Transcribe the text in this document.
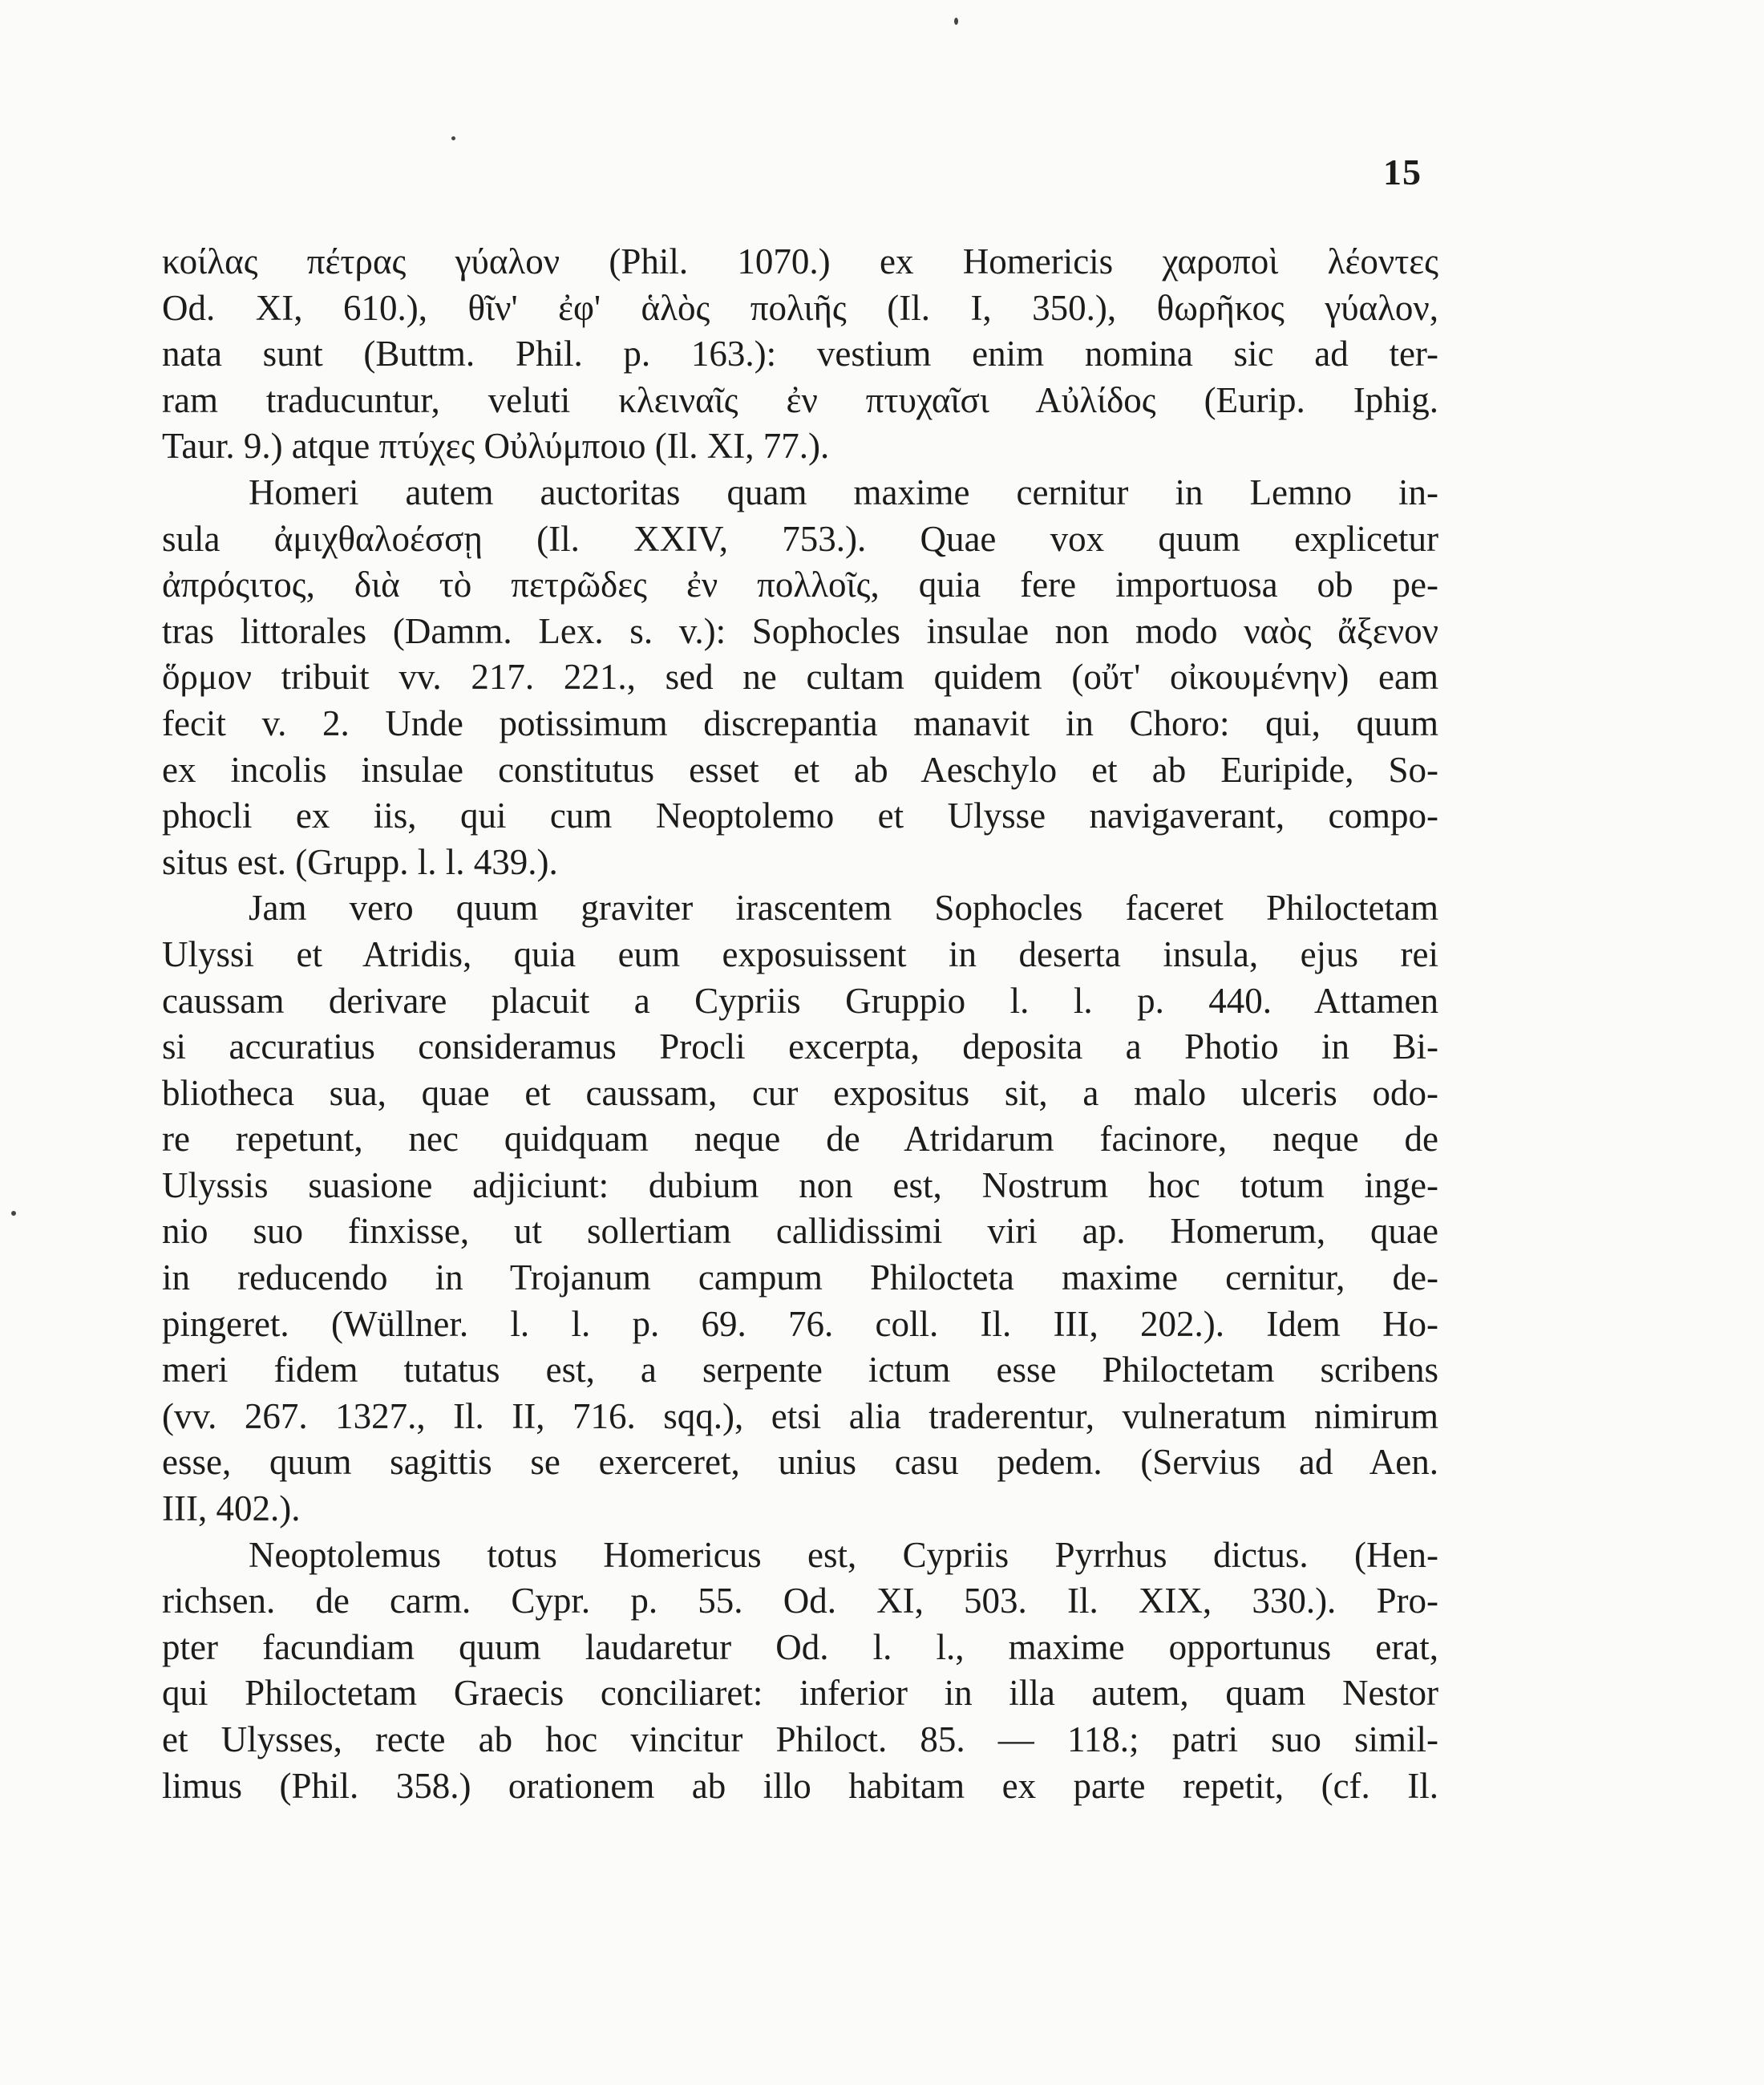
15
κοίλας πέτρας γύαλον (Phil. 1070.) ex Homericis χαροποὶ λέοντες
Od. XI, 610.), θῖν' ἐφ' ἁλὸς πολιῆς (Il. I, 350.), θωρῆκος γύαλον,
nata sunt (Buttm. Phil. p. 163.): vestium enim nomina sic ad ter-
ram traducuntur, veluti κλειναῖς ἐν πτυχαῖσι Αὐλίδος (Eurip. Iphig.
Taur. 9.) atque πτύχες Οὐλύμποιο (Il. XI, 77.).
Homeri autem auctoritas quam maxime cernitur in Lemno in-
sula ἀμιχθαλοέσσῃ (Il. XXIV, 753.). Quae vox quum explicetur
ἀπρόςιτος, διὰ τὸ πετρῶδες ἐν πολλοῖς, quia fere importuosa ob pe-
tras littorales (Damm. Lex. s. v.): Sophocles insulae non modo ναὸς ἄξενον
ὅρμον tribuit vv. 217. 221., sed ne cultam quidem (οὔτ' οἰκουμένην) eam
fecit v. 2. Unde potissimum discrepantia manavit in Choro: qui, quum
ex incolis insulae constitutus esset et ab Aeschylo et ab Euripide, So-
phocli ex iis, qui cum Neoptolemo et Ulysse navigaverant, compo-
situs est. (Grupp. l. l. 439.).
Jam vero quum graviter irascentem Sophocles faceret Philoctetam
Ulyssi et Atridis, quia eum exposuissent in deserta insula, ejus rei
caussam derivare placuit a Cypriis Gruppio l. l. p. 440. Attamen
si accuratius consideramus Procli excerpta, deposita a Photio in Bi-
bliotheca sua, quae et caussam, cur expositus sit, a malo ulceris odo-
re repetunt, nec quidquam neque de Atridarum facinore, neque de
Ulyssis suasione adjiciunt: dubium non est, Nostrum hoc totum inge-
nio suo finxisse, ut sollertiam callidissimi viri ap. Homerum, quae
in reducendo in Trojanum campum Philocteta maxime cernitur, de-
pingeret. (Wüllner. l. l. p. 69. 76. coll. Il. III, 202.). Idem Ho-
meri fidem tutatus est, a serpente ictum esse Philoctetam scribens
(vv. 267. 1327., Il. II, 716. sqq.), etsi alia traderentur, vulneratum nimirum
esse, quum sagittis se exerceret, unius casu pedem. (Servius ad Aen.
III, 402.).
Neoptolemus totus Homericus est, Cypriis Pyrrhus dictus. (Hen-
richsen. de carm. Cypr. p. 55. Od. XI, 503. Il. XIX, 330.). Pro-
pter facundiam quum laudaretur Od. l. l., maxime opportunus erat,
qui Philoctetam Graecis conciliaret: inferior in illa autem, quam Nestor
et Ulysses, recte ab hoc vincitur Philoct. 85. — 118.; patri suo simil-
limus (Phil. 358.) orationem ab illo habitam ex parte repetit, (cf. Il.
